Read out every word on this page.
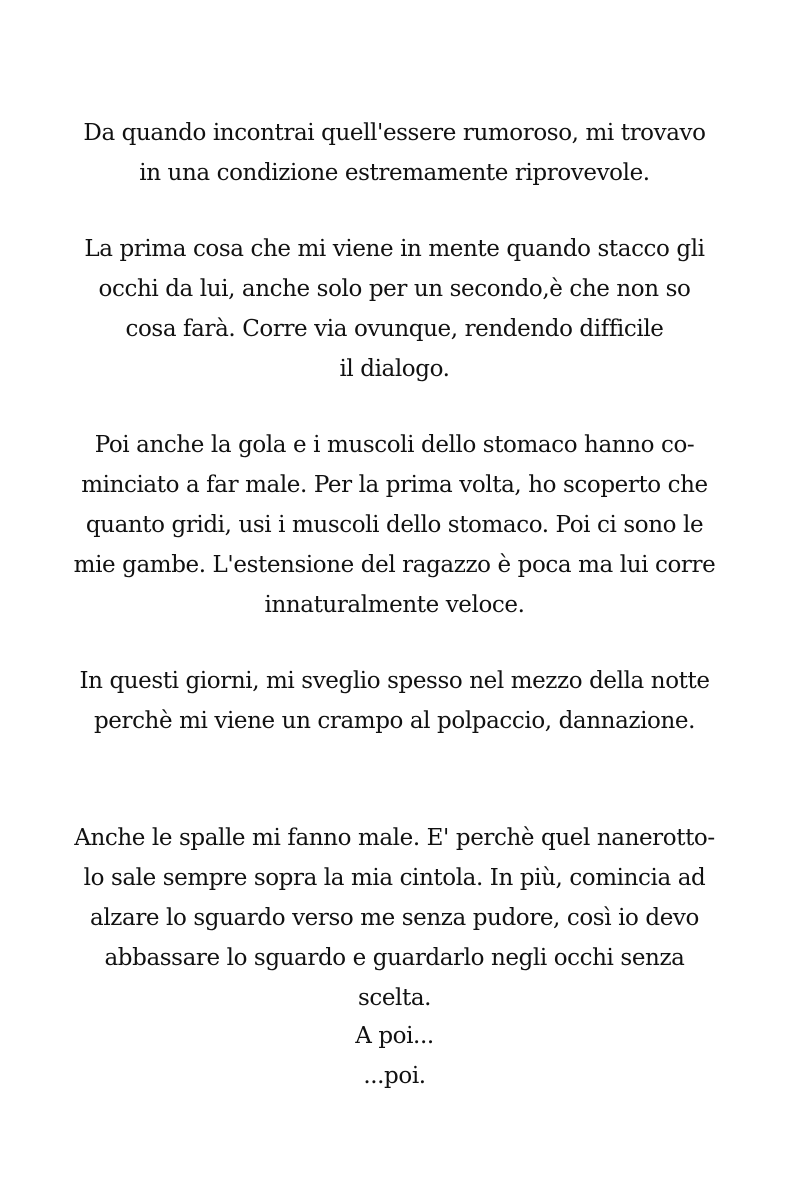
Da quando incontrai quell'essere rumoroso, mi trovavo
in una condizione estremamente riprovevole.

La prima cosa che mi viene in mente quando stacco gli
occhi da lui, anche solo per un secondo,è che non so
cosa farà. Corre via ovunque, rendendo difficile
il dialogo.

Poi anche la gola e i muscoli dello stomaco hanno co-
minciato a far male. Per la prima volta, ho scoperto che
quanto gridi, usi i muscoli dello stomaco. Poi ci sono le
mie gambe. L'estensione del ragazzo è poca ma lui corre
innaturalmente veloce.

In questi giorni, mi sveglio spesso nel mezzo della notte
perchè mi viene un crampo al polpaccio, dannazione.

Anche le spalle mi fanno male. E' perchè quel nanerotto-
lo sale sempre sopra la mia cintola. In più, comincia ad
alzare lo sguardo verso me senza pudore, così io devo
abbassare lo sguardo e guardarlo negli occhi senza
scelta.

A poi...
...poi.
